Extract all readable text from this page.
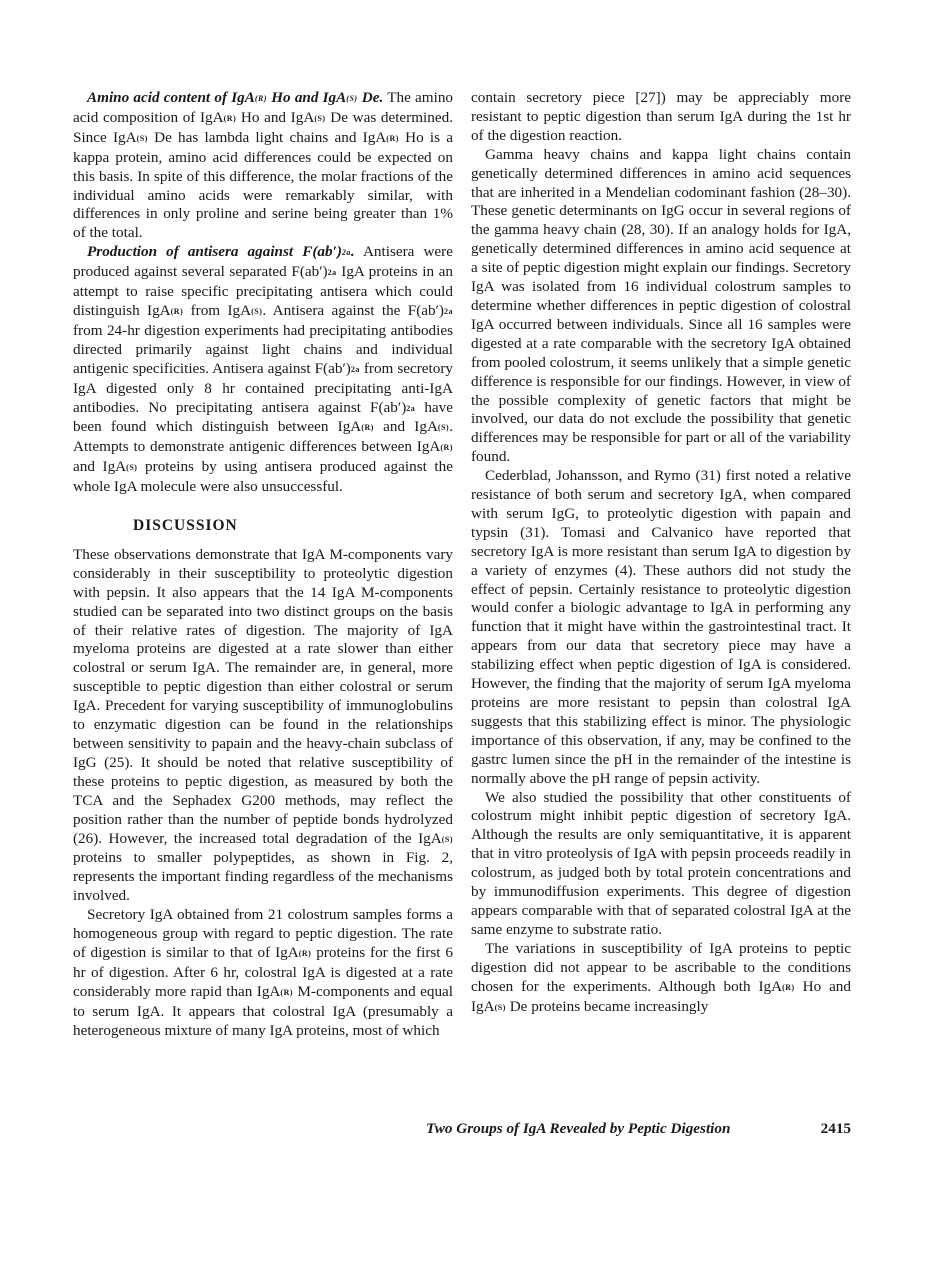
Amino acid content of IgA(R) Ho and IgA(S) De. The amino acid composition of IgA(R) Ho and IgA(S) De was determined. Since IgA(S) De has lambda light chains and IgA(R) Ho is a kappa protein, amino acid differences could be expected on this basis. In spite of this difference, the molar fractions of the individual amino acids were remarkably similar, with differences in only proline and serine being greater than 1% of the total.

Production of antisera against F(ab′)2a. Antisera were produced against several separated F(ab′)2a IgA proteins in an attempt to raise specific precipitating antisera which could distinguish IgA(R) from IgA(S). Antisera against the F(ab′)2a from 24-hr digestion experiments had precipitating antibodies directed primarily against light chains and individual antigenic specificities. Antisera against F(ab′)2a from secretory IgA digested only 8 hr contained precipitating anti-IgA antibodies. No precipitating antisera against F(ab′)2a have been found which distinguish between IgA(R) and IgA(S). Attempts to demonstrate antigenic differences between IgA(R) and IgA(S) proteins by using antisera produced against the whole IgA molecule were also unsuccessful.

DISCUSSION

These observations demonstrate that IgA M-components vary considerably in their susceptibility to proteolytic digestion with pepsin. It also appears that the 14 IgA M-components studied can be separated into two distinct groups on the basis of their relative rates of digestion. The majority of IgA myeloma proteins are digested at a rate slower than either colostral or serum IgA. The remainder are, in general, more susceptible to peptic digestion than either colostral or serum IgA. Precedent for varying susceptibility of immunoglobulins to enzymatic digestion can be found in the relationships between sensitivity to papain and the heavy-chain subclass of IgG (25). It should be noted that relative susceptibility of these proteins to peptic digestion, as measured by both the TCA and the Sephadex G200 methods, may reflect the position rather than the number of peptide bonds hydrolyzed (26). However, the increased total degradation of the IgA(S) proteins to smaller polypeptides, as shown in Fig. 2, represents the important finding regardless of the mechanisms involved.

Secretory IgA obtained from 21 colostrum samples forms a homogeneous group with regard to peptic digestion. The rate of digestion is similar to that of IgA(R) proteins for the first 6 hr of digestion. After 6 hr, colostral IgA is digested at a rate considerably more rapid than IgA(R) M-components and equal to serum IgA. It appears that colostral IgA (presumably a heterogeneous mixture of many IgA proteins, most of which

contain secretory piece [27]) may be appreciably more resistant to peptic digestion than serum IgA during the 1st hr of the digestion reaction.

Gamma heavy chains and kappa light chains contain genetically determined differences in amino acid sequences that are inherited in a Mendelian codominant fashion (28–30). These genetic determinants on IgG occur in several regions of the gamma heavy chain (28, 30). If an analogy holds for IgA, genetically determined differences in amino acid sequence at a site of peptic digestion might explain our findings. Secretory IgA was isolated from 16 individual colostrum samples to determine whether differences in peptic digestion of colostral IgA occurred between individuals. Since all 16 samples were digested at a rate comparable with the secretory IgA obtained from pooled colostrum, it seems unlikely that a simple genetic difference is responsible for our findings. However, in view of the possible complexity of genetic factors that might be involved, our data do not exclude the possibility that genetic differences may be responsible for part or all of the variability found.

Cederblad, Johansson, and Rymo (31) first noted a relative resistance of both serum and secretory IgA, when compared with serum IgG, to proteolytic digestion with papain and typsin (31). Tomasi and Calvanico have reported that secretory IgA is more resistant than serum IgA to digestion by a variety of enzymes (4). These authors did not study the effect of pepsin. Certainly resistance to proteolytic digestion would confer a biologic advantage to IgA in performing any function that it might have within the gastrointestinal tract. It appears from our data that secretory piece may have a stabilizing effect when peptic digestion of IgA is considered. However, the finding that the majority of serum IgA myeloma proteins are more resistant to pepsin than colostral IgA suggests that this stabilizing effect is minor. The physiologic importance of this observation, if any, may be confined to the gastrc lumen since the pH in the remainder of the intestine is normally above the pH range of pepsin activity.

We also studied the possibility that other constituents of colostrum might inhibit peptic digestion of secretory IgA. Although the results are only semiquantitative, it is apparent that in vitro proteolysis of IgA with pepsin proceeds readily in colostrum, as judged both by total protein concentrations and by immunodiffusion experiments. This degree of digestion appears comparable with that of separated colostral IgA at the same enzyme to substrate ratio.

The variations in susceptibility of IgA proteins to peptic digestion did not appear to be ascribable to the conditions chosen for the experiments. Although both IgA(R) Ho and IgA(S) De proteins became increasingly

Two Groups of IgA Revealed by Peptic Digestion	2415
